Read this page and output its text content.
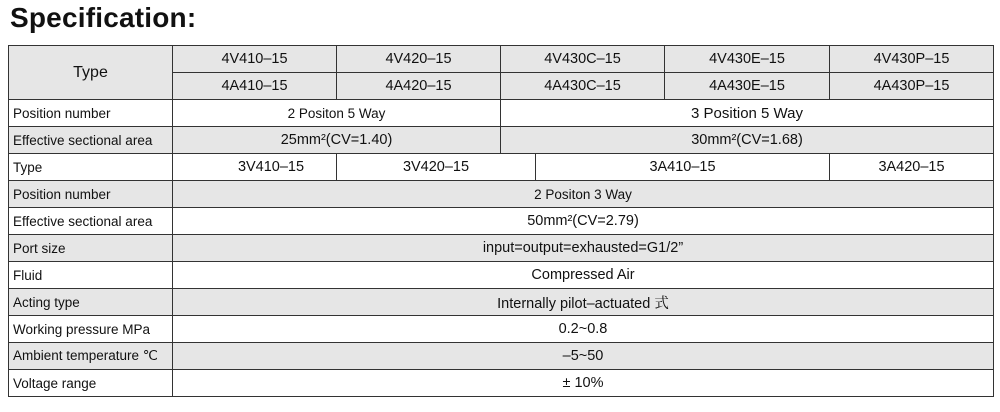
Specification:
Type	4V410–15	4V420–15	4V430C–15		4V430E–15	4V430P–15
	4A410–15	4A420–15	4A430C–15		4A430E–15	4A430P–15
Position number	2 Positon 5 Way		3 Position 5 Way			
Effective sectional area	25mm²(CV=1.40)		30mm²(CV=1.68)			
Type	3V410–15	3V420–15		3A410–15		3A420–15
Position number	2 Positon 3 Way					
Effective sectional area	50mm²(CV=2.79)					
Port size	input=output=exhausted=G1/2”					
Fluid	Compressed Air					
Acting type	Internally pilot–actuated 式					
Working pressure MPa	0.2~0.8					
Ambient temperature ℃	–5~50					
Voltage range	± 10%					
